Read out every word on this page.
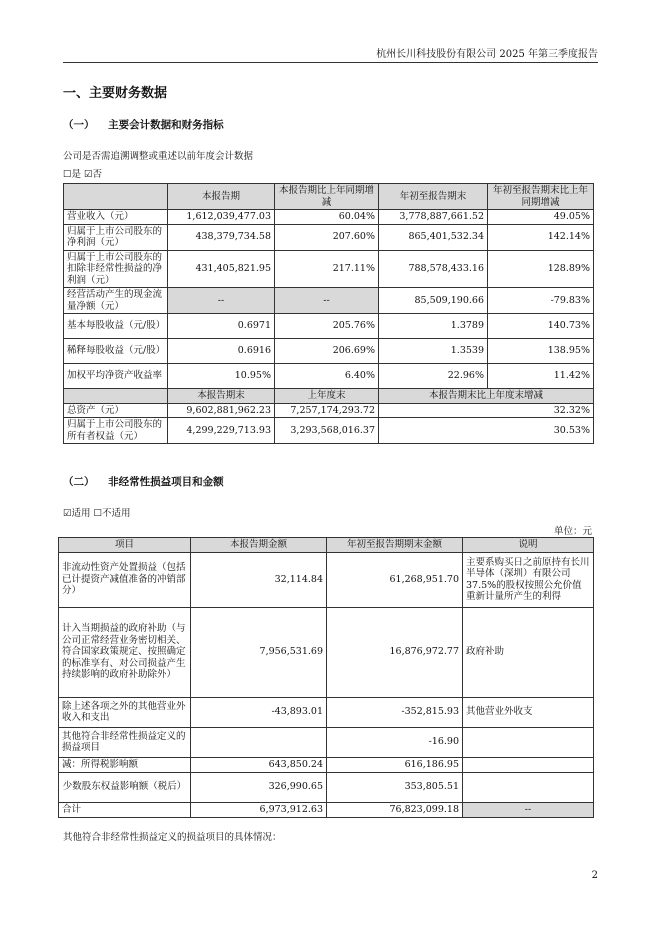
杭州长川科技股份有限公司 2025 年第三季度报告
一、主要财务数据
（一） 主要会计数据和财务指标
公司是否需追溯调整或重述以前年度会计数据
☐是 ☑否
	本报告期	本报告期比上年同期增减	年初至报告期末	年初至报告期末比上年同期增减
营业收入（元）	1,612,039,477.03	60.04%	3,778,887,661.52	49.05%
归属于上市公司股东的净利润（元）	438,379,734.58	207.60%	865,401,532.34	142.14%
归属于上市公司股东的扣除非经常性损益的净利润（元）	431,405,821.95	217.11%	788,578,433.16	128.89%
经营活动产生的现金流量净额（元）	--	--	85,509,190.66	-79.83%
基本每股收益（元/股）	0.6971	205.76%	1.3789	140.73%
稀释每股收益（元/股）	0.6916	206.69%	1.3539	138.95%
加权平均净资产收益率	10.95%	6.40%	22.96%	11.42%
	本报告期末	上年度末	本报告期末比上年度末增减	
总资产（元）	9,602,881,962.23	7,257,174,293.72	32.32%	
归属于上市公司股东的所有者权益（元）	4,299,229,713.93	3,293,568,016.37	30.53%	
（二） 非经常性损益项目和金额
☑适用 ☐不适用
单位：元
项目	本报告期金额	年初至报告期期末金额	说明
非流动性资产处置损益（包括已计提资产减值准备的冲销部分）	32,114.84	61,268,951.70	主要系购买日之前原持有长川半导体（深圳）有限公司37.5%的股权按照公允价值重新计量所产生的利得
计入当期损益的政府补助（与公司正常经营业务密切相关、符合国家政策规定、按照确定的标准享有、对公司损益产生持续影响的政府补助除外）	7,956,531.69	16,876,972.77	政府补助
除上述各项之外的其他营业外收入和支出	-43,893.01	-352,815.93	其他营业外收支
其他符合非经常性损益定义的损益项目		-16.90	
减：所得税影响额	643,850.24	616,186.95	
少数股东权益影响额（税后）	326,990.65	353,805.51	
合计	6,973,912.63	76,823,099.18	--
其他符合非经常性损益定义的损益项目的具体情况：
2
